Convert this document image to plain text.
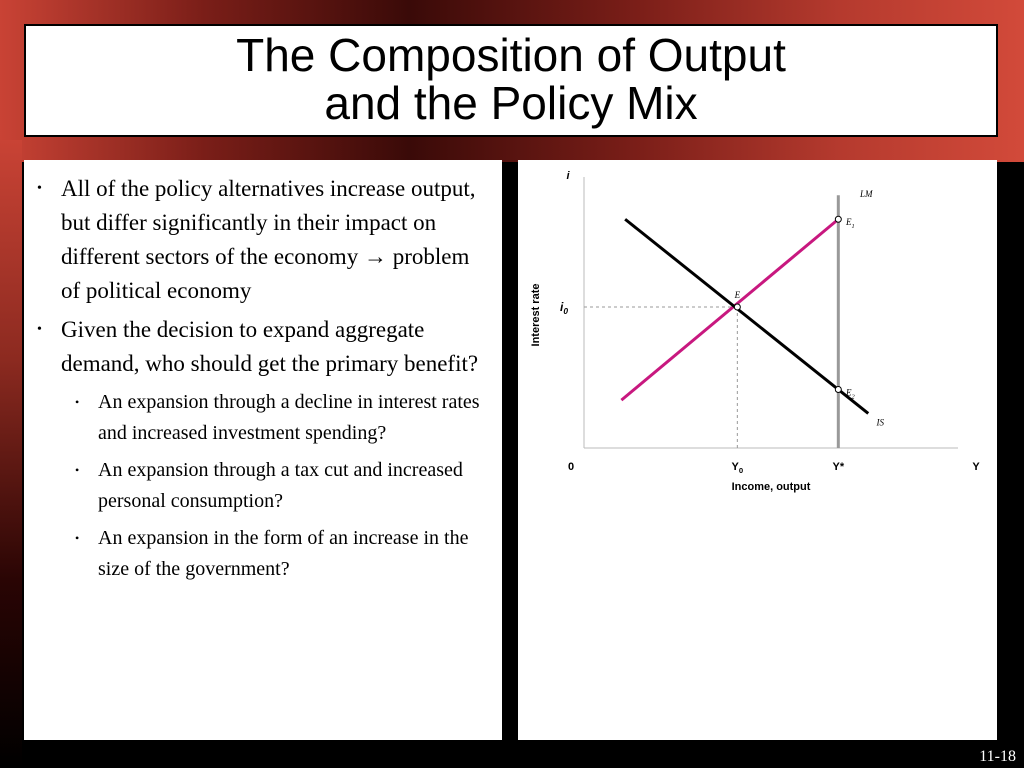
The Composition of Output
and the Policy Mix
• All of the policy alternatives increase output, but differ significantly in their impact on different sectors of the economy → problem of political economy
• Given the decision to expand aggregate demand, who should get the primary benefit?
• An expansion through a decline in interest rates and increased investment spending?
• An expansion through a tax cut and increased personal consumption?
• An expansion in the form of an increase in the size of the government?
i
Y
0
LM
IS
$Y_0$	Y*
$i_0$
Income, output
Interest rate	E
$E_1$
$E_2$
11-18
